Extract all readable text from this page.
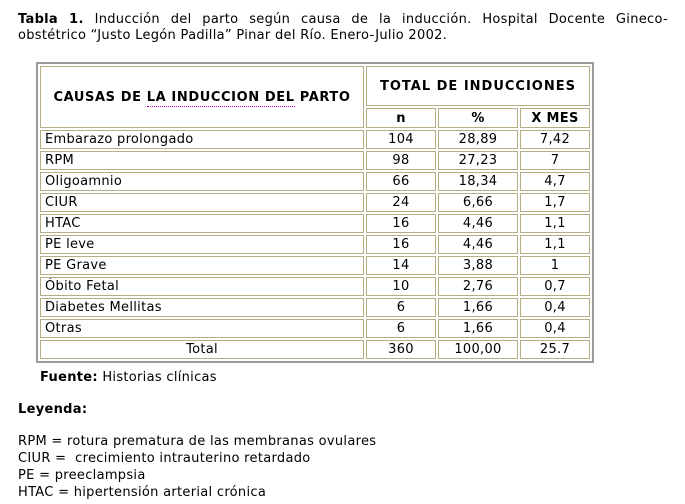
Tabla 1. Inducción del parto según causa de la inducción. Hospital Docente Gineco-
obstétrico “Justo Legón Padilla” Pinar del Río. Enero-Julio 2002.
CAUSAS DE LA INDUCCION DEL PARTO	TOTAL DE INDUCCIONES		
	n	%	X MES
Embarazo prolongado	104	28,89	7,42
RPM	98	27,23	7
Oligoamnio	66	18,34	4,7
CIUR	24	6,66	1,7
HTAC	16	4,46	1,1
PE leve	16	4,46	1,1
PE Grave	14	3,88	1
Óbito Fetal	10	2,76	0,7
Diabetes Mellitas	6	1,66	0,4
Otras	6	1,66	0,4
Total	360	100,00	25.7
Fuente: Historias clínicas
Leyenda:
RPM = rotura prematura de las membranas ovulares
CIUR =  crecimiento intrauterino retardado
PE = preeclampsia
HTAC = hipertensión arterial crónica
